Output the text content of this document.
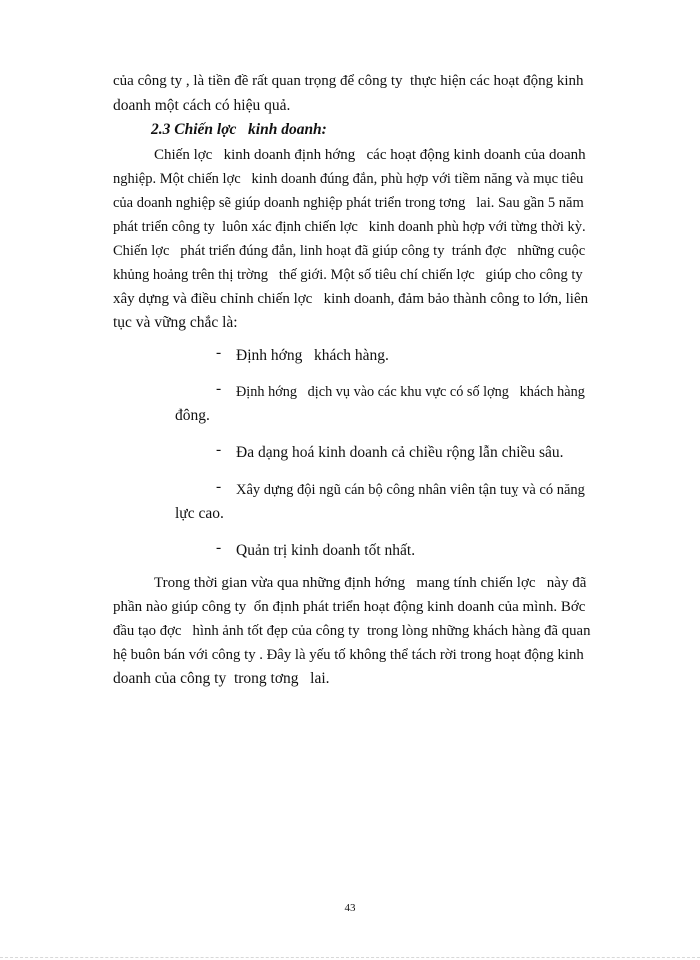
của công ty , là tiền đề rất quan trọng để công ty  thực hiện các hoạt động kinh
doanh một cách có hiệu quả.
2.3 Chiến lợc   kinh doanh:
Chiến lợc   kinh doanh định hớng   các hoạt động kinh doanh của doanh
nghiệp. Một chiến lợc   kinh doanh đúng đắn, phù hợp với tiềm năng và mục tiêu
của doanh nghiệp sẽ giúp doanh nghiệp phát triển trong tơng   lai. Sau gần 5 năm
phát triển công ty  luôn xác định chiến lợc   kinh doanh phù hợp với từng thời kỳ.
Chiến lợc   phát triển đúng đắn, linh hoạt đã giúp công ty  tránh đợc   những cuộc
khủng hoảng trên thị trờng   thế giới. Một số tiêu chí chiến lợc   giúp cho công ty
xây dựng và điều chỉnh chiến lợc   kinh doanh, đảm bảo thành công to lớn, liên
tục và vững chắc là:
- Định hớng   khách hàng.
- Định hớng   dịch vụ vào các khu vực có số lợng   khách hàng
đông.
- Đa dạng hoá kinh doanh cả chiều rộng lẫn chiều sâu.
- Xây dựng đội ngũ cán bộ công nhân viên tận tuỵ và có năng
lực cao.
- Quản trị kinh doanh tốt nhất.
Trong thời gian vừa qua những định hớng   mang tính chiến lợc   này đã
phần nào giúp công ty  ổn định phát triển hoạt động kinh doanh của mình. Bớc
đầu tạo đợc   hình ảnh tốt đẹp của công ty  trong lòng những khách hàng đã quan
hệ buôn bán với công ty . Đây là yếu tố không thể tách rời trong hoạt động kinh
doanh của công ty  trong tơng   lai.
43
